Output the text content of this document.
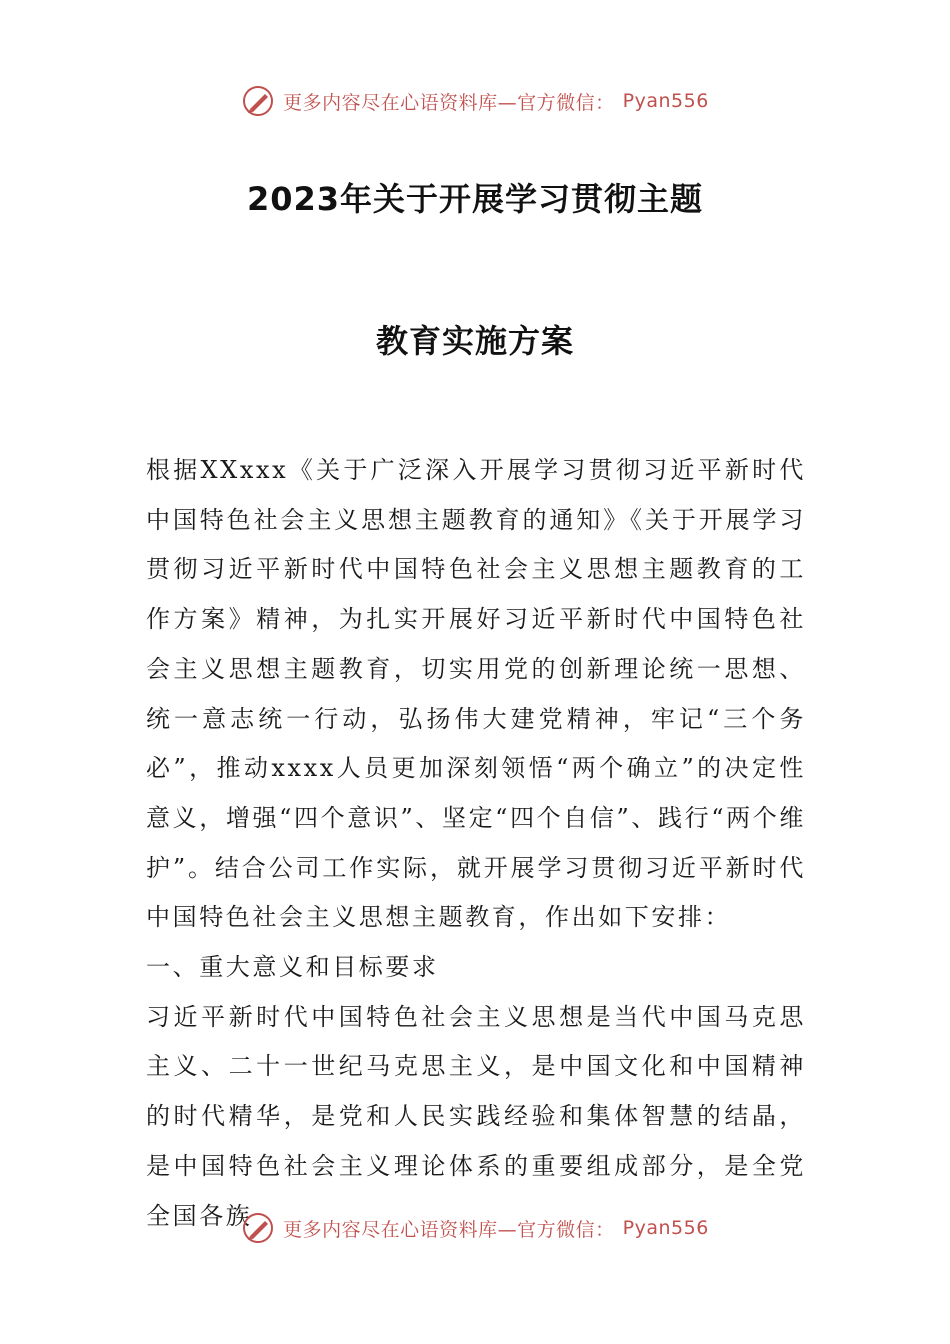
更多内容尽在心语资料库—官方微信： Pyan556
2023年关于开展学习贯彻主题
教育实施方案

根据XXxxx《关于广泛深入开展学习贯彻习近平新时代中国特色社会主义思想主题教育的通知》《关于开展学习贯彻习近平新时代中国特色社会主义思想主题教育的工作方案》精神，为扎实开展好习近平新时代中国特色社会主义思想主题教育，切实用党的创新理论统一思想、统一意志统一行动，弘扬伟大建党精神，牢记“三个务必”，推动xxxx人员更加深刻领悟“两个确立”的决定性意义，增强“四个意识”、坚定“四个自信”、践行“两个维护”。结合公司工作实际，就开展学习贯彻习近平新时代中国特色社会主义思想主题教育，作出如下安排：

一、重大意义和目标要求

习近平新时代中国特色社会主义思想是当代中国马克思主义、二十一世纪马克思主义，是中国文化和中国精神的时代精华，是党和人民实践经验和集体智慧的结晶，是中国特色社会主义理论体系的重要组成部分，是全党全国各族	更多内容尽在心语资料库—官方微信： Pyan556
